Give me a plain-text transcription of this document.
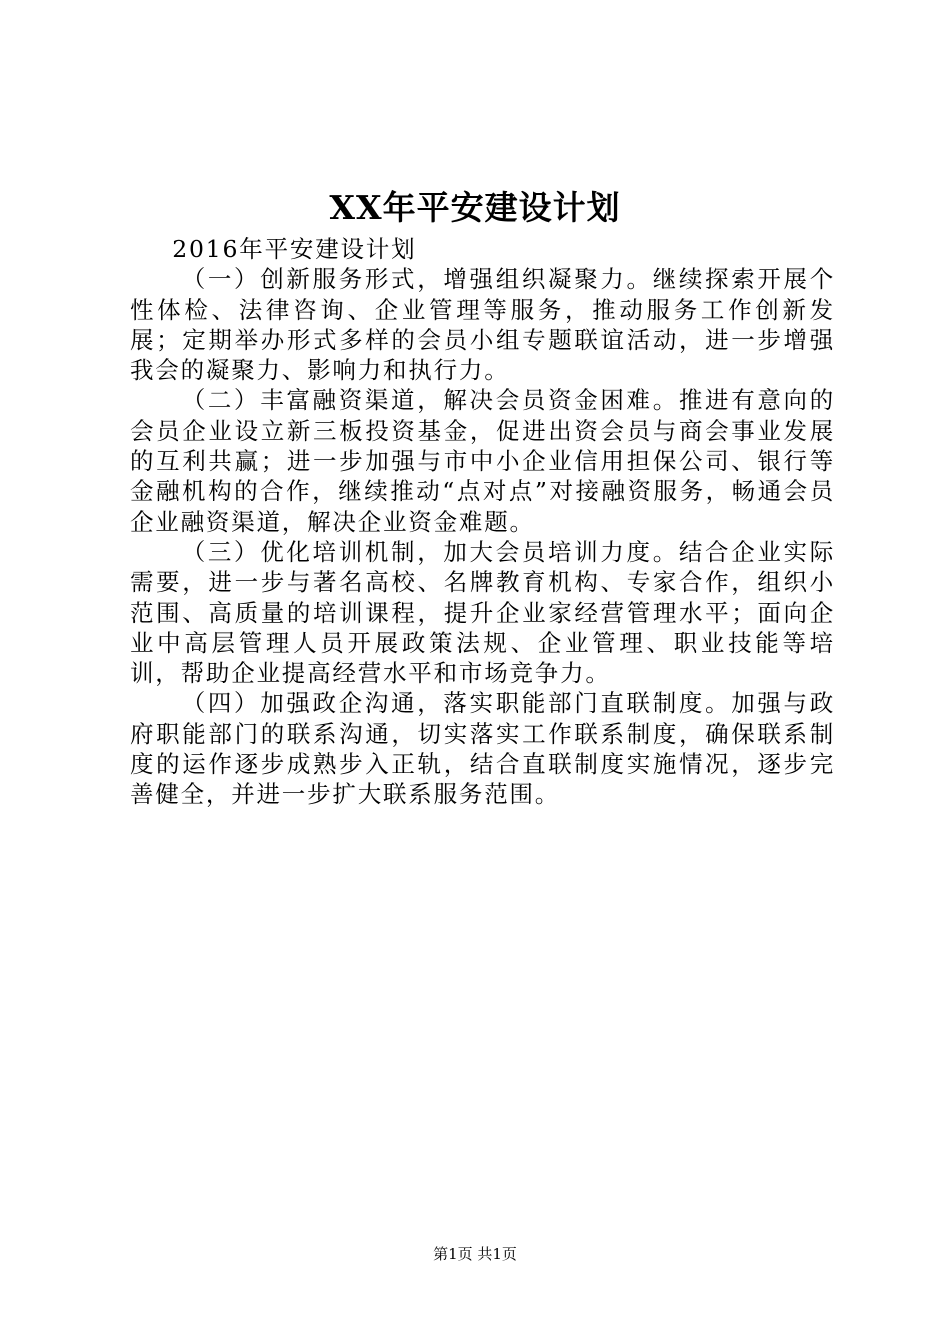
XX年平安建设计划

2016年平安建设计划

（一）创新服务形式，增强组织凝聚力。继续探索开展个性体检、法律咨询、企业管理等服务，推动服务工作创新发展；定期举办形式多样的会员小组专题联谊活动，进一步增强我会的凝聚力、影响力和执行力。

（二）丰富融资渠道，解决会员资金困难。推进有意向的会员企业设立新三板投资基金，促进出资会员与商会事业发展的互利共赢；进一步加强与市中小企业信用担保公司、银行等金融机构的合作，继续推动“点对点”对接融资服务，畅通会员企业融资渠道，解决企业资金难题。

（三）优化培训机制，加大会员培训力度。结合企业实际需要，进一步与著名高校、名牌教育机构、专家合作，组织小范围、高质量的培训课程，提升企业家经营管理水平；面向企业中高层管理人员开展政策法规、企业管理、职业技能等培训，帮助企业提高经营水平和市场竞争力。

（四）加强政企沟通，落实职能部门直联制度。加强与政府职能部门的联系沟通，切实落实工作联系制度，确保联系制度的运作逐步成熟步入正轨，结合直联制度实施情况，逐步完善健全，并进一步扩大联系服务范围。

第1页 共1页
